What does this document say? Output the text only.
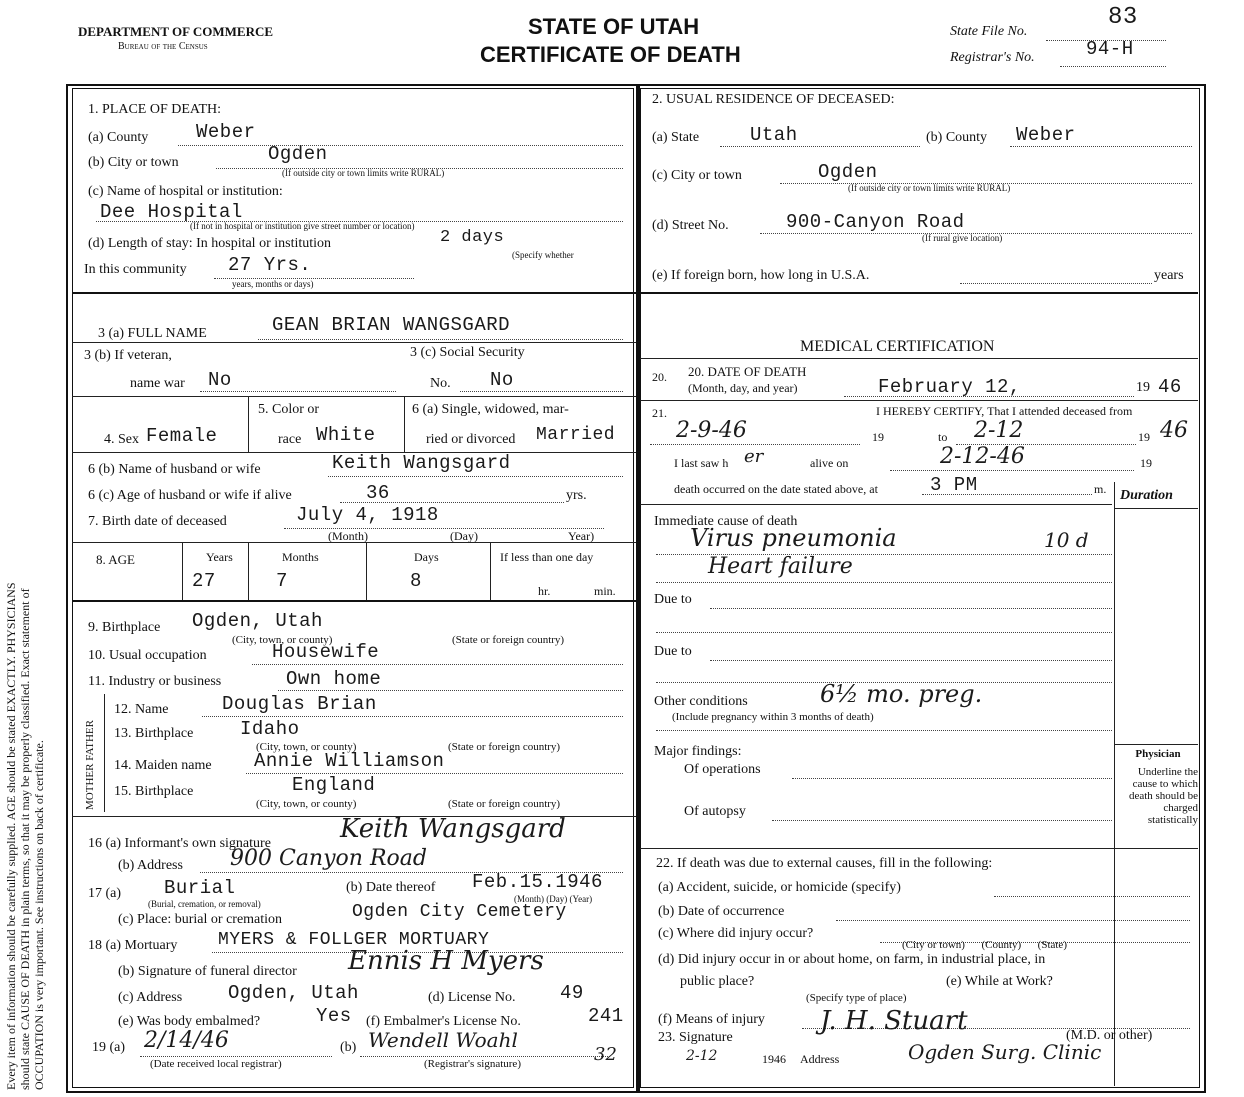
Every item of information should be carefully supplied. AGE should be stated EXACTLY. PHYSICIANS should state CAUSE OF DEATH in plain terms, so that it may be properly classified. Exact statement of OCCUPATION is very important. See instructions on back of certificate.
DEPARTMENT OF COMMERCE
Bureau of the Census
STATE OF UTAH
CERTIFICATE OF DEATH
State File No.
83
Registrar's No.	94-H
1. PLACE OF DEATH:
(a) County	Weber
(b) City or town	Ogden
(If outside city or town limits write RURAL)
(c) Name of hospital or institution:
Dee Hospital
(If not in hospital or institution give street number or location)
(d) Length of stay: In hospital or institution	2 days
(Specify whether
In this community 27 Yrs.
years, months or days)
2. USUAL RESIDENCE OF DECEASED:
(a) State	Utah	(b) County Weber
(c) City or town	Ogden
(If outside city or town limits write RURAL)
(d) Street No.	900-Canyon Road
(If rural give location)
(e) If foreign born, how long in U.S.A.	years
3 (a) FULL NAME	GEAN BRIAN WANGSGARD
3 (b) If veteran,
name war No
3 (c) Social Security
No. No
4. Sex Female
5. Color or
race White
6 (a) Single, widowed, mar-
ried or divorced Married
6 (b) Name of husband or wife	Keith Wangsgard
6 (c) Age of husband or wife if alive	36	yrs.
7. Birth date of deceased	July 4, 1918
(Month)	(Day)	Year)
8. AGE	Years
27
Months
7
Days
8
If less than one day
hr.	min.
9. Birthplace Ogden, Utah
(City, town, or county)	(State or foreign country)
10. Usual occupation	Housewife
11. Industry or business	Own home
MOTHER FATHER
12. Name	Douglas Brian
13. Birthplace Idaho
(City, town, or county)	(State or foreign country)
14. Maiden name Annie Williamson
15. Birthplace	England
(City, town, or county)	(State or foreign country)
16 (a) Informant's own signature	Keith Wangsgard
(b) Address 900 Canyon Road
17 (a) Burial
(Burial, cremation, or removal)
(b) Date thereof Feb.15.1946
(Month) (Day) (Year)
(c) Place: burial or cremation	Ogden City Cemetery
18 (a) Mortuary MYERS & FOLLGER MORTUARY
(b) Signature of funeral director Ennis H Myers
(c) Address Ogden, Utah	(d) License No. 49
(e) Was body embalmed?	Yes (f) Embalmer's License No.	241
19 (a) 2/14/46
(Date received local registrar)
(b) Wendell Woahl
(Registrar's signature)	32
MEDICAL CERTIFICATION
20. 20. DATE OF DEATH
(Month, day, and year)	February 12,	19 46
21.	I HEREBY CERTIFY, That I attended deceased from
2-9-46	19	to 2-12	19 46
I last saw h er	alive on	2-12-46	19
death occurred on the date stated above, at	3 PM	m. Duration
Immediate cause of death
Virus pneumonia	10 d
Heart failure
Due to
Due to
Other conditions	6½ mo. preg.
(Include pregnancy within 3 months of death)
Major findings:
Of operations
Of autopsy
Physician
Underline the cause to which death should be charged statistically
22. If death was due to external causes, fill in the following:
(a) Accident, suicide, or homicide (specify)
(b) Date of occurrence
(c) Where did injury occur?
(City or town)      (County)      (State)
(d) Did injury occur in or about home, on farm, in industrial place, in
public place?	(e) While at Work?
(Specify type of place)
(f) Means of injury
23. Signature
J. H. Stuart	(M.D. or other)
2-12	1946 Address	Ogden Surg. Clinic
